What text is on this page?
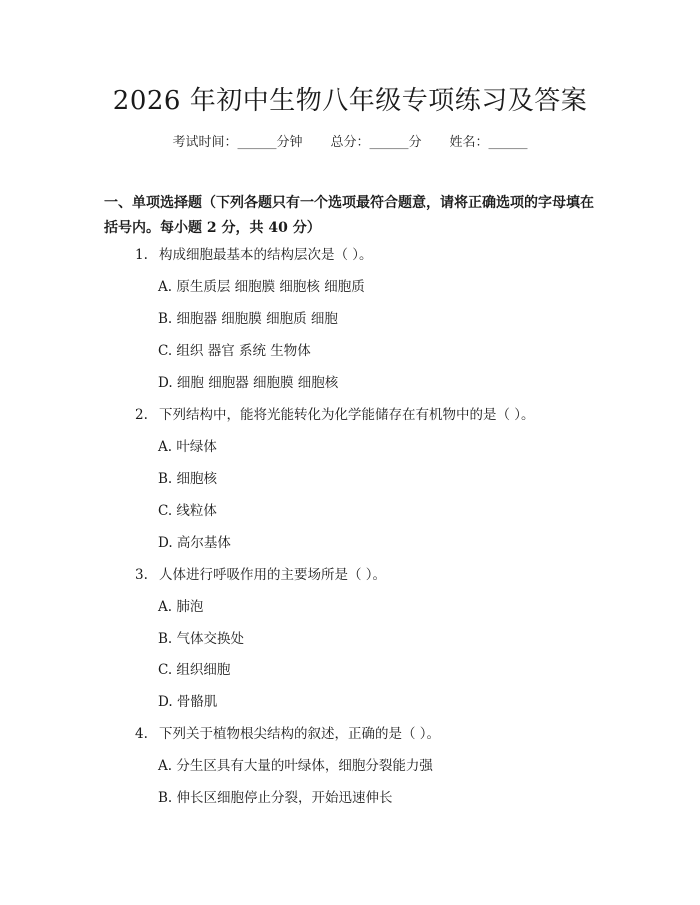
2026 年初中生物八年级专项练习及答案
考试时间：______分钟 总分：______分 姓名：______
一、单项选择题（下列各题只有一个选项最符合题意，请将正确选项的字母填在括号内。每小题 2 分，共 40 分）
1. 构成细胞最基本的结构层次是（ ）。
A. 原生质层 细胞膜 细胞核 细胞质
B. 细胞器 细胞膜 细胞质 细胞
C. 组织 器官 系统 生物体
D. 细胞 细胞器 细胞膜 细胞核
2. 下列结构中，能将光能转化为化学能储存在有机物中的是（ ）。
A. 叶绿体
B. 细胞核
C. 线粒体
D. 高尔基体
3. 人体进行呼吸作用的主要场所是（ ）。
A. 肺泡
B. 气体交换处
C. 组织细胞
D. 骨骼肌
4. 下列关于植物根尖结构的叙述，正确的是（ ）。
A. 分生区具有大量的叶绿体，细胞分裂能力强
B. 伸长区细胞停止分裂，开始迅速伸长
